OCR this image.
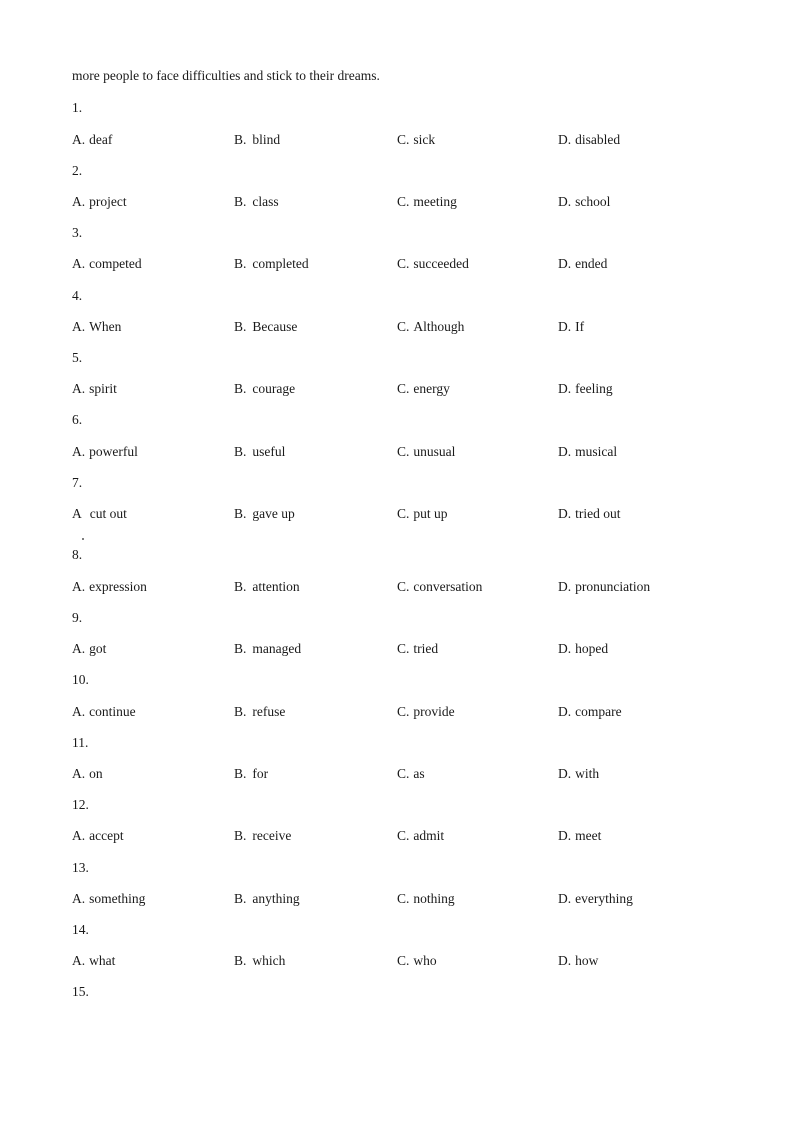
more people to face difficulties and stick to their dreams.
1.
A. deaf	B. blind	C. sick	D. disabled
2.
A. project	B. class	C. meeting	D. school
3.
A. competed	B. completed	C. succeeded	D. ended
4.
A. When	B. Because	C. Although	D. If
5.
A. spirit	B. courage	C. energy	D. feeling
6.
A. powerful	B. useful	C. unusual	D. musical
7.
A cut out	B. gave up	C. put up	D. tried out
8.
A. expression	B. attention	C. conversation	D. pronunciation
9.
A. got	B. managed	C. tried	D. hoped
10.
A. continue	B. refuse	C. provide	D. compare
11.
A. on	B. for	C. as	D. with
12.
A. accept	B. receive	C. admit	D. meet
13.
A. something	B. anything	C. nothing	D. everything
14.
A. what	B. which	C. who	D. how
15.
